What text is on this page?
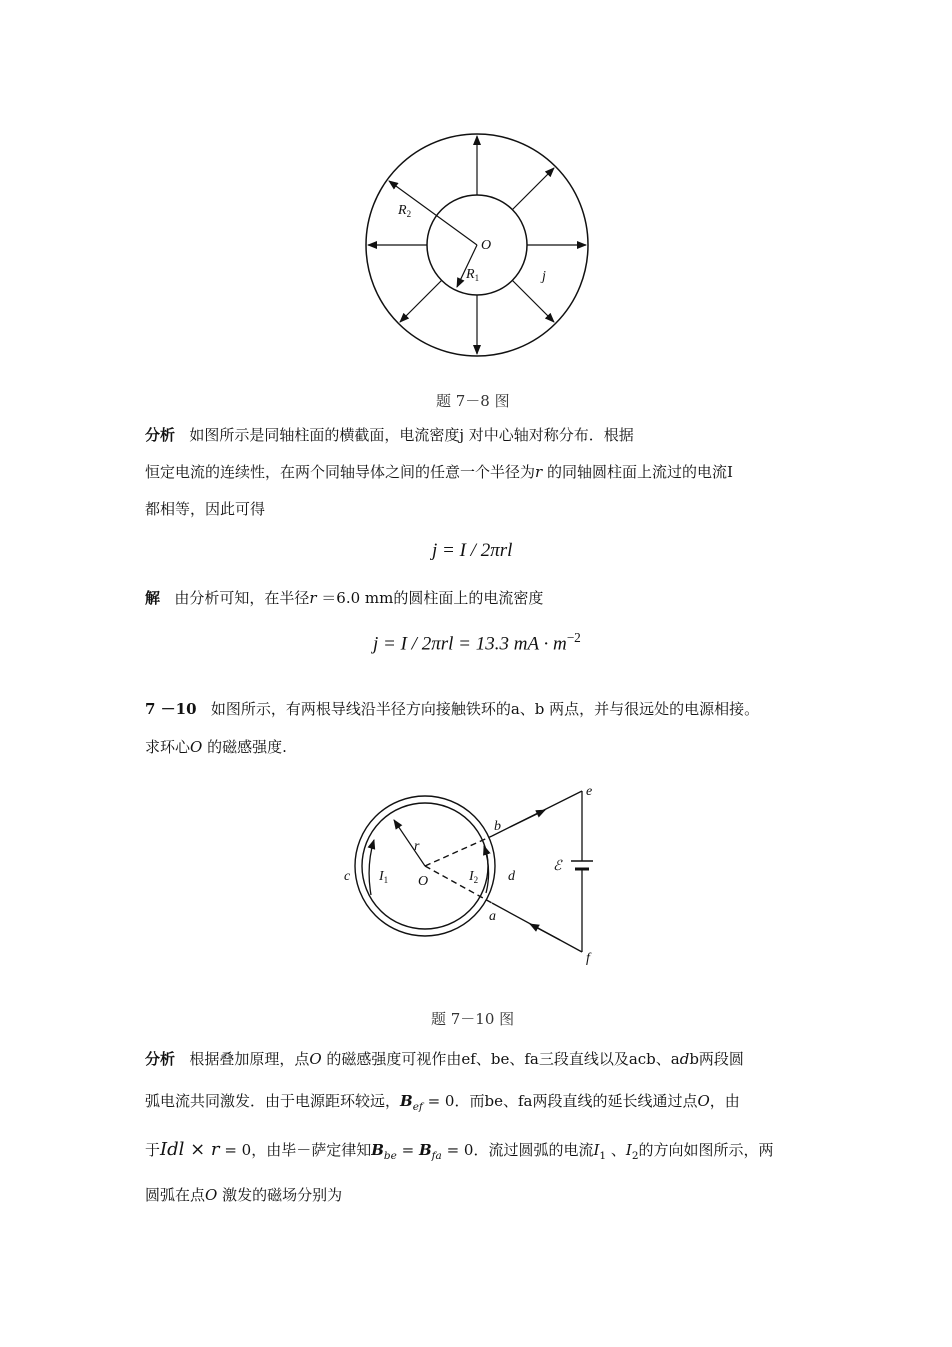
$R_2$
O
$R_1$	j
题 7－8 图
分析 如图所示是同轴柱面的横截面，电流密度j 对中心轴对称分布．根据
恒定电流的连续性，在两个同轴导体之间的任意一个半径为r 的同轴圆柱面上流过的电流I
都相等，因此可得
j = I / 2πrl
解 由分析可知，在半径r ＝6.0 mm的圆柱面上的电流密度
j = I / 2πrl = 13.3 mA · $m^{-2}$
7 －10 如图所示，有两根导线沿半径方向接触铁环的a、b 两点，并与很远处的电源相接。
求环心O 的磁感强度.
e
b
r
c $I_1$ O	$I_2$ d
ℰ
a
f
题 7－10 图
分析 根据叠加原理，点O 的磁感强度可视作由ef、be、fa三段直线以及acb、adb两段圆
弧电流共同激发．由于电源距环较远，$B_{ef} = 0$．而be、fa两段直线的延长线通过点O，由
于Idl × r = 0，由毕－萨定律知$B_{be} = B_{fa} = 0$．流过圆弧的电流$I_1$ 、$I_2$的方向如图所示，两
圆弧在点O 激发的磁场分别为
